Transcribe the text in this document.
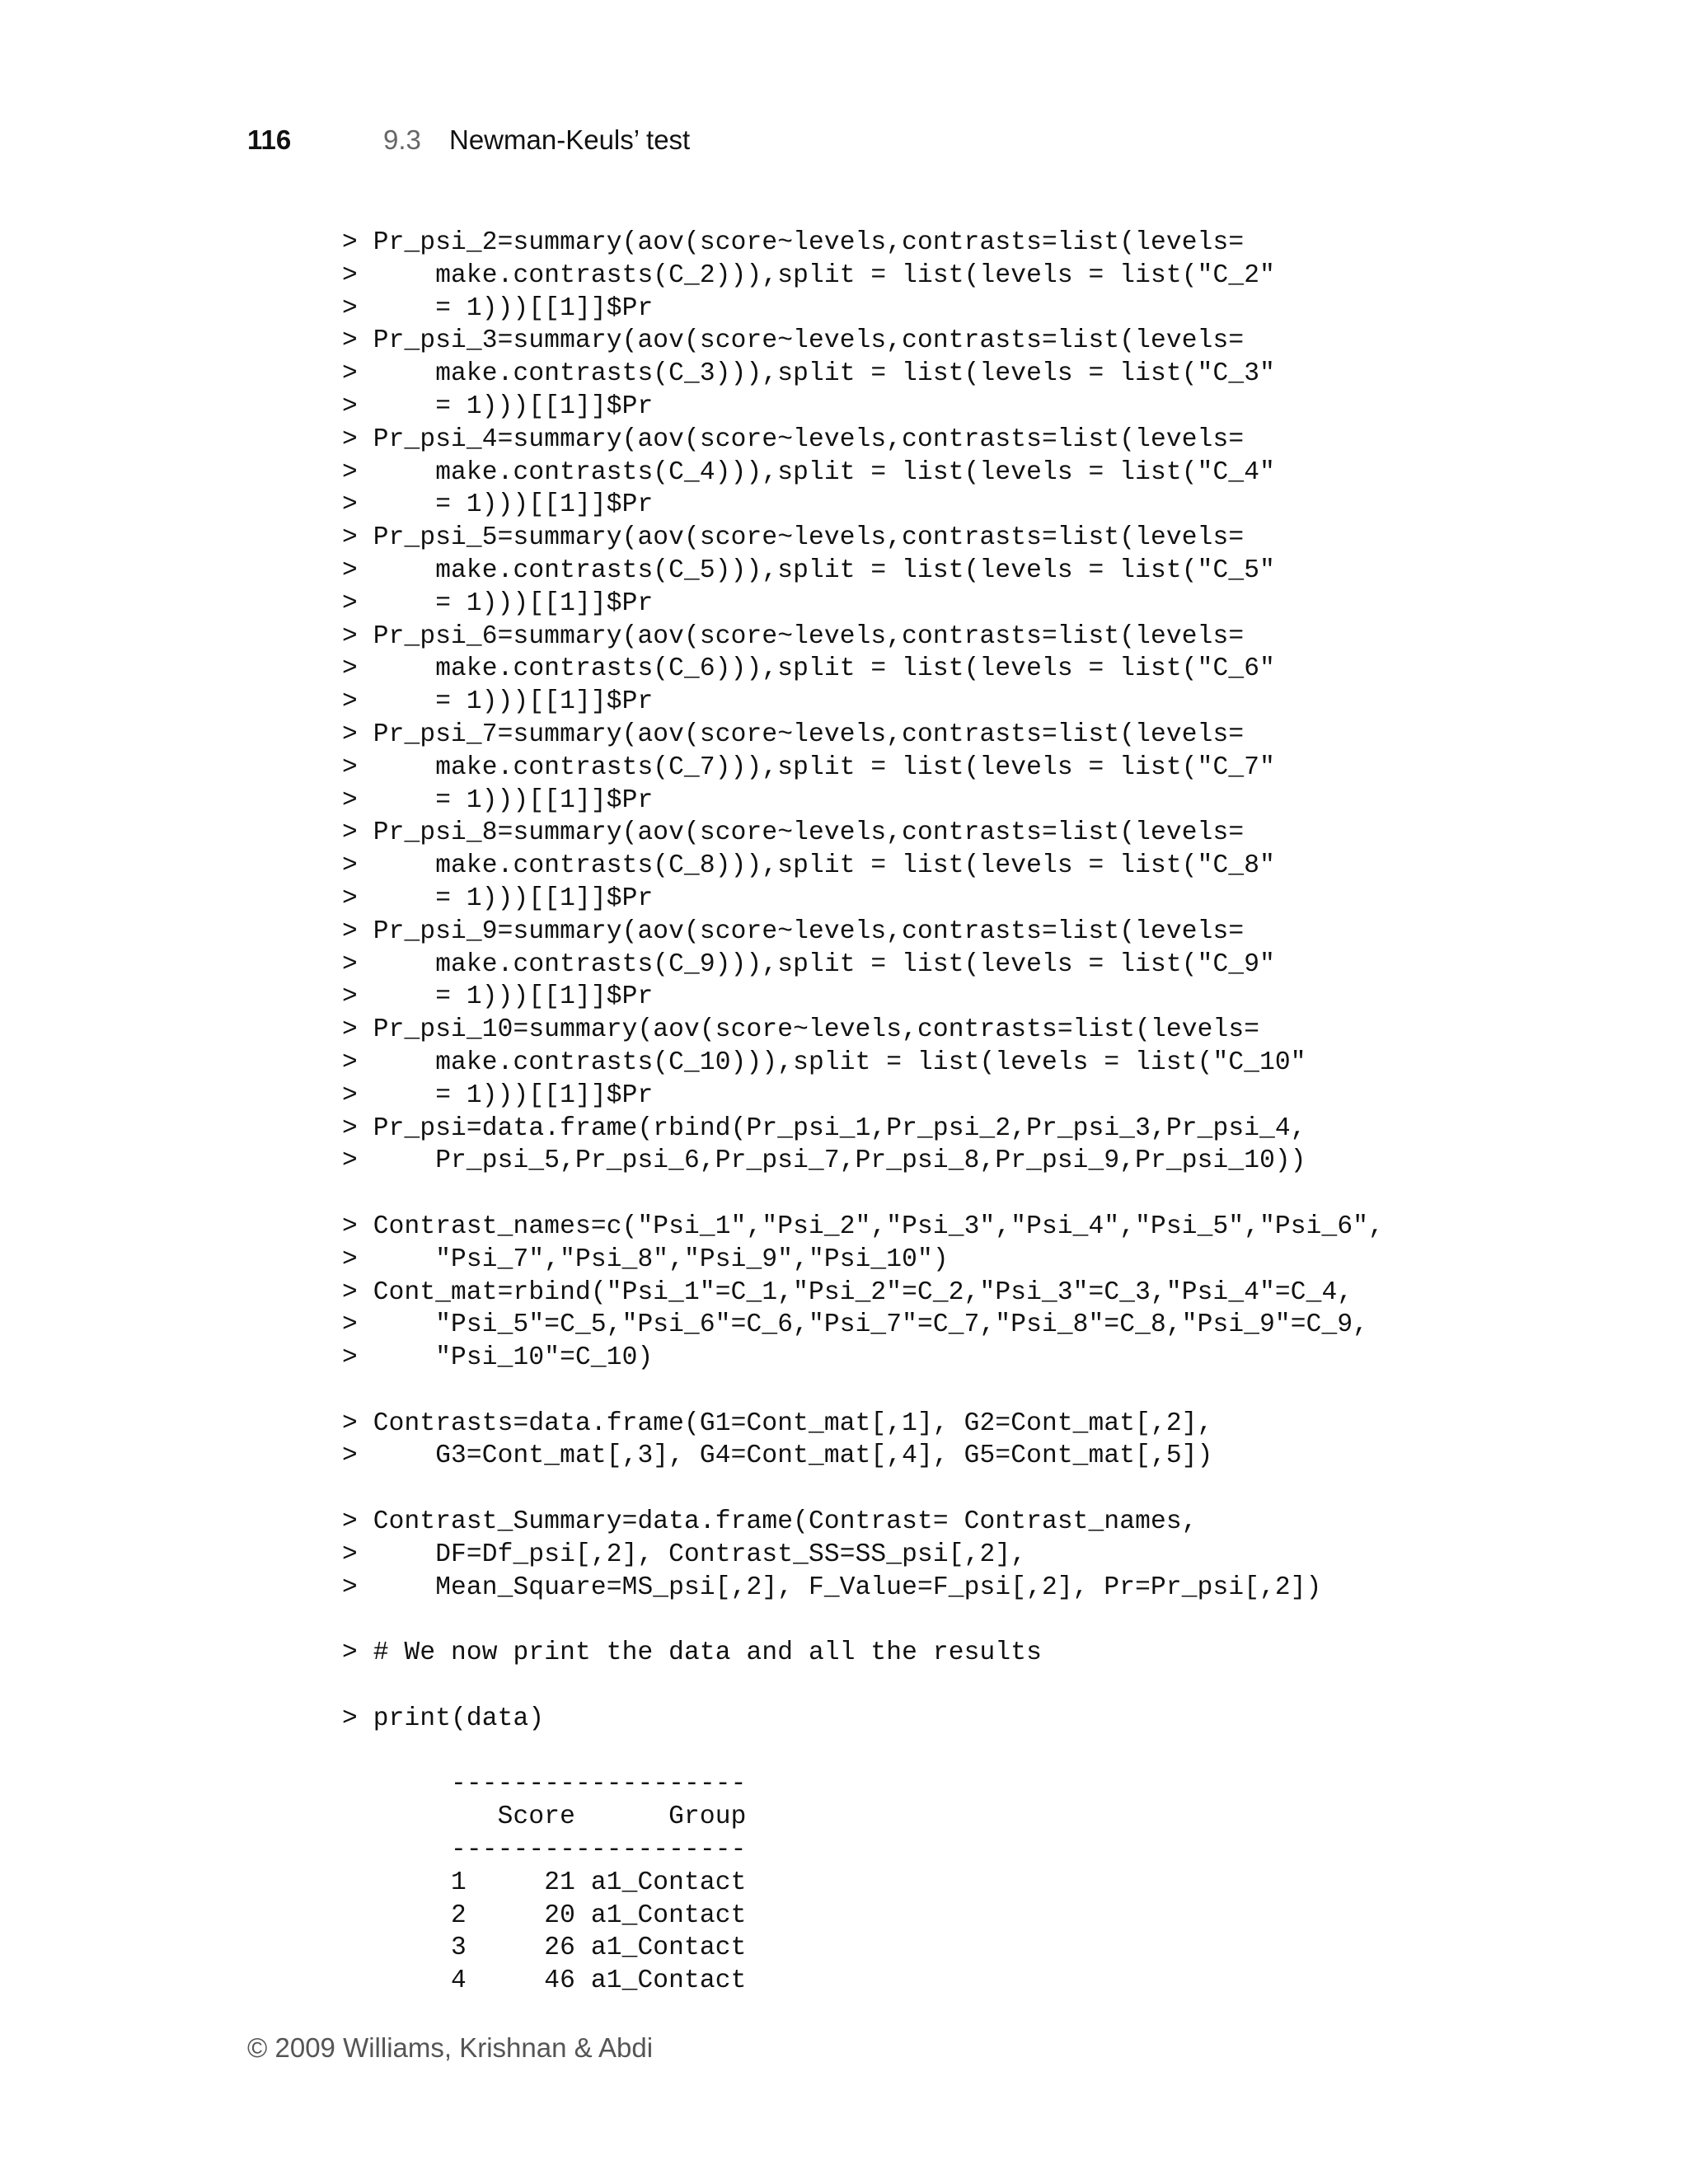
116	9.3 Newman-Keuls’ test
> Pr_psi_2=summary(aov(score~levels,contrasts=list(levels=
>     make.contrasts(C_2))),split = list(levels = list("C_2"
>     = 1)))[[1]]$Pr
> Pr_psi_3=summary(aov(score~levels,contrasts=list(levels=
>     make.contrasts(C_3))),split = list(levels = list("C_3"
>     = 1)))[[1]]$Pr
> Pr_psi_4=summary(aov(score~levels,contrasts=list(levels=
>     make.contrasts(C_4))),split = list(levels = list("C_4"
>     = 1)))[[1]]$Pr
> Pr_psi_5=summary(aov(score~levels,contrasts=list(levels=
>     make.contrasts(C_5))),split = list(levels = list("C_5"
>     = 1)))[[1]]$Pr
> Pr_psi_6=summary(aov(score~levels,contrasts=list(levels=
>     make.contrasts(C_6))),split = list(levels = list("C_6"
>     = 1)))[[1]]$Pr
> Pr_psi_7=summary(aov(score~levels,contrasts=list(levels=
>     make.contrasts(C_7))),split = list(levels = list("C_7"
>     = 1)))[[1]]$Pr
> Pr_psi_8=summary(aov(score~levels,contrasts=list(levels=
>     make.contrasts(C_8))),split = list(levels = list("C_8"
>     = 1)))[[1]]$Pr
> Pr_psi_9=summary(aov(score~levels,contrasts=list(levels=
>     make.contrasts(C_9))),split = list(levels = list("C_9"
>     = 1)))[[1]]$Pr
> Pr_psi_10=summary(aov(score~levels,contrasts=list(levels=
>     make.contrasts(C_10))),split = list(levels = list("C_10"
>     = 1)))[[1]]$Pr
> Pr_psi=data.frame(rbind(Pr_psi_1,Pr_psi_2,Pr_psi_3,Pr_psi_4,
>     Pr_psi_5,Pr_psi_6,Pr_psi_7,Pr_psi_8,Pr_psi_9,Pr_psi_10))

> Contrast_names=c("Psi_1","Psi_2","Psi_3","Psi_4","Psi_5","Psi_6",
>     "Psi_7","Psi_8","Psi_9","Psi_10")
> Cont_mat=rbind("Psi_1"=C_1,"Psi_2"=C_2,"Psi_3"=C_3,"Psi_4"=C_4,
>     "Psi_5"=C_5,"Psi_6"=C_6,"Psi_7"=C_7,"Psi_8"=C_8,"Psi_9"=C_9,
>     "Psi_10"=C_10)

> Contrasts=data.frame(G1=Cont_mat[,1], G2=Cont_mat[,2],
>     G3=Cont_mat[,3], G4=Cont_mat[,4], G5=Cont_mat[,5])

> Contrast_Summary=data.frame(Contrast= Contrast_names,
>     DF=Df_psi[,2], Contrast_SS=SS_psi[,2],
>     Mean_Square=MS_psi[,2], F_Value=F_psi[,2], Pr=Pr_psi[,2])

> # We now print the data and all the results

> print(data)

-------------------
Score      Group
-------------------
1     21 a1_Contact
2     20 a1_Contact
3     26 a1_Contact
4     46 a1_Contact
© 2009 Williams, Krishnan & Abdi
